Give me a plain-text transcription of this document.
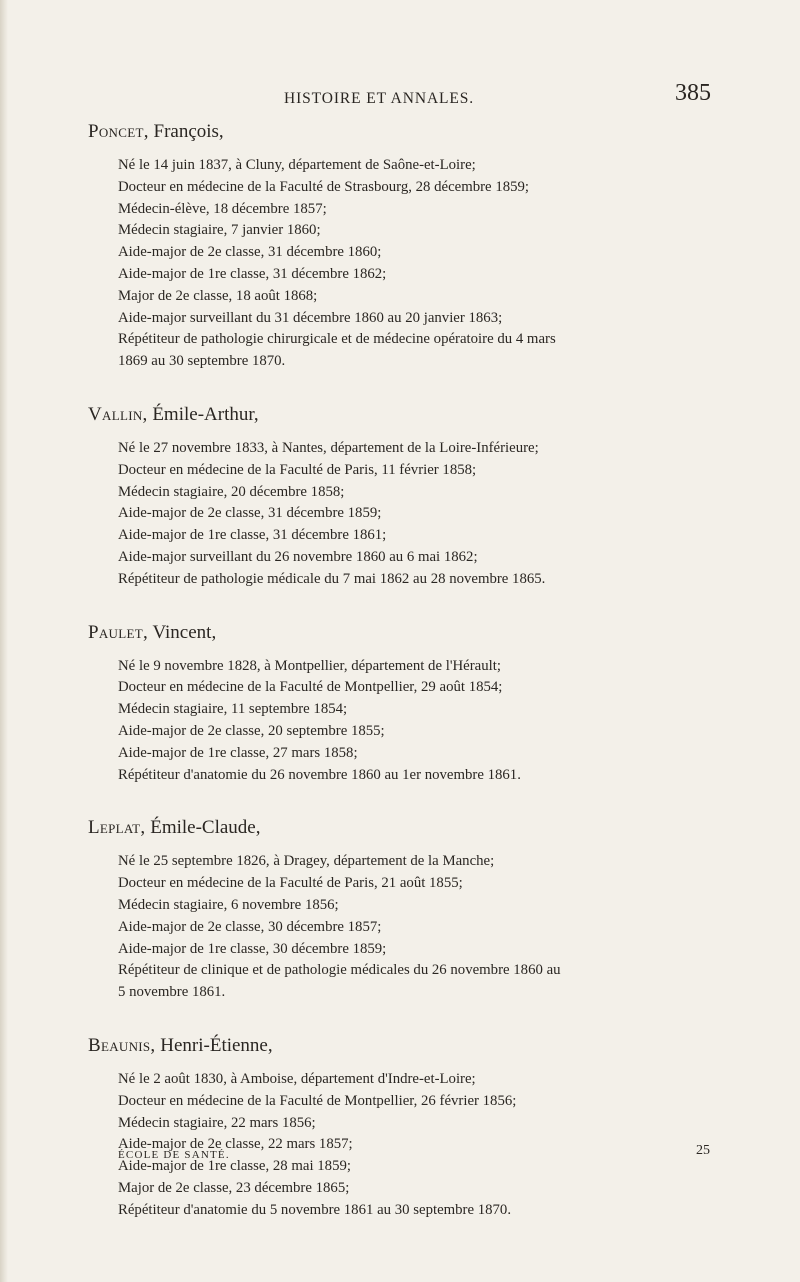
HISTOIRE ET ANNALES.	385
Poncet, François,

Né le 14 juin 1837, à Cluny, département de Saône-et-Loire;

Docteur en médecine de la Faculté de Strasbourg, 28 décembre 1859;

Médecin-élève, 18 décembre 1857;

Médecin stagiaire, 7 janvier 1860;

Aide-major de 2e classe, 31 décembre 1860;

Aide-major de 1re classe, 31 décembre 1862;

Major de 2e classe, 18 août 1868;

Aide-major surveillant du 31 décembre 1860 au 20 janvier 1863;

Répétiteur de pathologie chirurgicale et de médecine opératoire du 4 mars

1869 au 30 septembre 1870.

Vallin, Émile-Arthur,

Né le 27 novembre 1833, à Nantes, département de la Loire-Inférieure;

Docteur en médecine de la Faculté de Paris, 11 février 1858;

Médecin stagiaire, 20 décembre 1858;

Aide-major de 2e classe, 31 décembre 1859;

Aide-major de 1re classe, 31 décembre 1861;

Aide-major surveillant du 26 novembre 1860 au 6 mai 1862;

Répétiteur de pathologie médicale du 7 mai 1862 au 28 novembre 1865.

Paulet, Vincent,

Né le 9 novembre 1828, à Montpellier, département de l'Hérault;

Docteur en médecine de la Faculté de Montpellier, 29 août 1854;

Médecin stagiaire, 11 septembre 1854;

Aide-major de 2e classe, 20 septembre 1855;

Aide-major de 1re classe, 27 mars 1858;

Répétiteur d'anatomie du 26 novembre 1860 au 1er novembre 1861.

Leplat, Émile-Claude,

Né le 25 septembre 1826, à Dragey, département de la Manche;

Docteur en médecine de la Faculté de Paris, 21 août 1855;

Médecin stagiaire, 6 novembre 1856;

Aide-major de 2e classe, 30 décembre 1857;

Aide-major de 1re classe, 30 décembre 1859;

Répétiteur de clinique et de pathologie médicales du 26 novembre 1860 au

5 novembre 1861.

Beaunis, Henri-Étienne,

Né le 2 août 1830, à Amboise, département d'Indre-et-Loire;

Docteur en médecine de la Faculté de Montpellier, 26 février 1856;

Médecin stagiaire, 22 mars 1856;

Aide-major de 2e classe, 22 mars 1857;

Aide-major de 1re classe, 28 mai 1859;

Major de 2e classe, 23 décembre 1865;

Répétiteur d'anatomie du 5 novembre 1861 au 30 septembre 1870.

ÉCOLE DE SANTÉ.	25
